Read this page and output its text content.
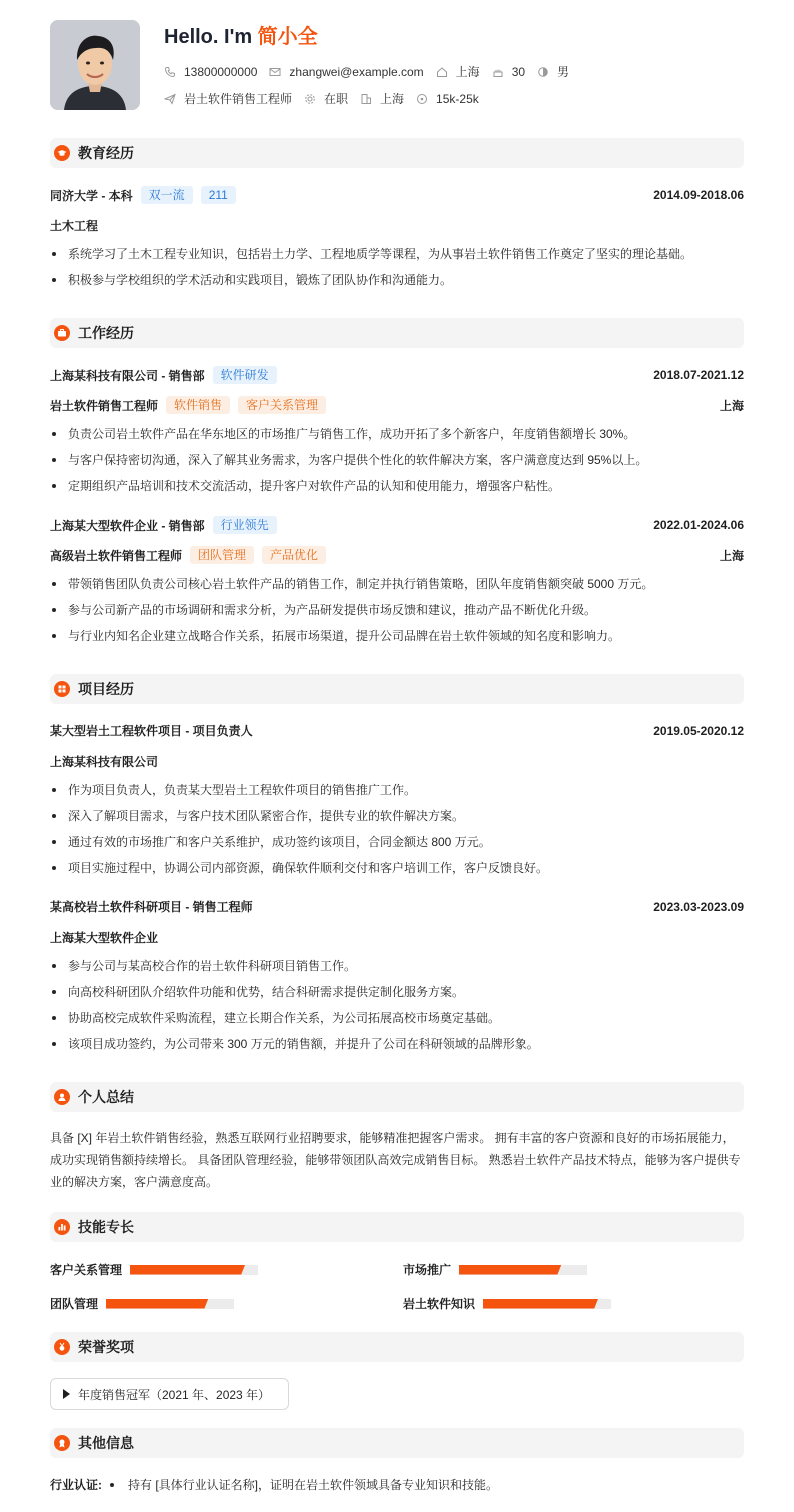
Hello. I'm 简小全
13800000000	zhangwei@example.com	上海	30	男
岩土软件销售工程师	在职	上海	15k-25k
教育经历
同济大学 - 本科	双一流	211	2014.09-2018.06
土木工程
系统学习了土木工程专业知识，包括岩土力学、工程地质学等课程，为从事岩土软件销售工作奠定了坚实的理论基础。
积极参与学校组织的学术活动和实践项目，锻炼了团队协作和沟通能力。
工作经历
上海某科技有限公司 - 销售部	软件研发	2018.07-2021.12
岩土软件销售工程师	软件销售	客户关系管理	上海
负责公司岩土软件产品在华东地区的市场推广与销售工作，成功开拓了多个新客户，年度销售额增长 30%。
与客户保持密切沟通，深入了解其业务需求，为客户提供个性化的软件解决方案，客户满意度达到 95%以上。
定期组织产品培训和技术交流活动，提升客户对软件产品的认知和使用能力，增强客户粘性。
上海某大型软件企业 - 销售部	行业领先	2022.01-2024.06
高级岩土软件销售工程师	团队管理	产品优化	上海
带领销售团队负责公司核心岩土软件产品的销售工作，制定并执行销售策略，团队年度销售额突破 5000 万元。
参与公司新产品的市场调研和需求分析，为产品研发提供市场反馈和建议，推动产品不断优化升级。
与行业内知名企业建立战略合作关系，拓展市场渠道，提升公司品牌在岩土软件领域的知名度和影响力。
项目经历
某大型岩土工程软件项目 - 项目负责人	2019.05-2020.12
上海某科技有限公司
作为项目负责人，负责某大型岩土工程软件项目的销售推广工作。
深入了解项目需求，与客户技术团队紧密合作，提供专业的软件解决方案。
通过有效的市场推广和客户关系维护，成功签约该项目，合同金额达 800 万元。
项目实施过程中，协调公司内部资源，确保软件顺利交付和客户培训工作，客户反馈良好。
某高校岩土软件科研项目 - 销售工程师	2023.03-2023.09
上海某大型软件企业
参与公司与某高校合作的岩土软件科研项目销售工作。
向高校科研团队介绍软件功能和优势，结合科研需求提供定制化服务方案。
协助高校完成软件采购流程，建立长期合作关系，为公司拓展高校市场奠定基础。
该项目成功签约，为公司带来 300 万元的销售额，并提升了公司在科研领域的品牌形象。
个人总结
具备 [X] 年岩土软件销售经验，熟悉互联网行业招聘要求，能够精准把握客户需求。 拥有丰富的客户资源和良好的市场拓展能力，成功实现销售额持续增长。 具备团队管理经验，能够带领团队高效完成销售目标。 熟悉岩土软件产品技术特点，能够为客户提供专业的解决方案，客户满意度高。
技能专长
客户关系管理	市场推广
团队管理	岩土软件知识
荣誉奖项
年度销售冠军（2021 年、2023 年）
其他信息
行业认证: 持有 [具体行业认证名称]，证明在岩土软件领域具备专业知识和技能。
